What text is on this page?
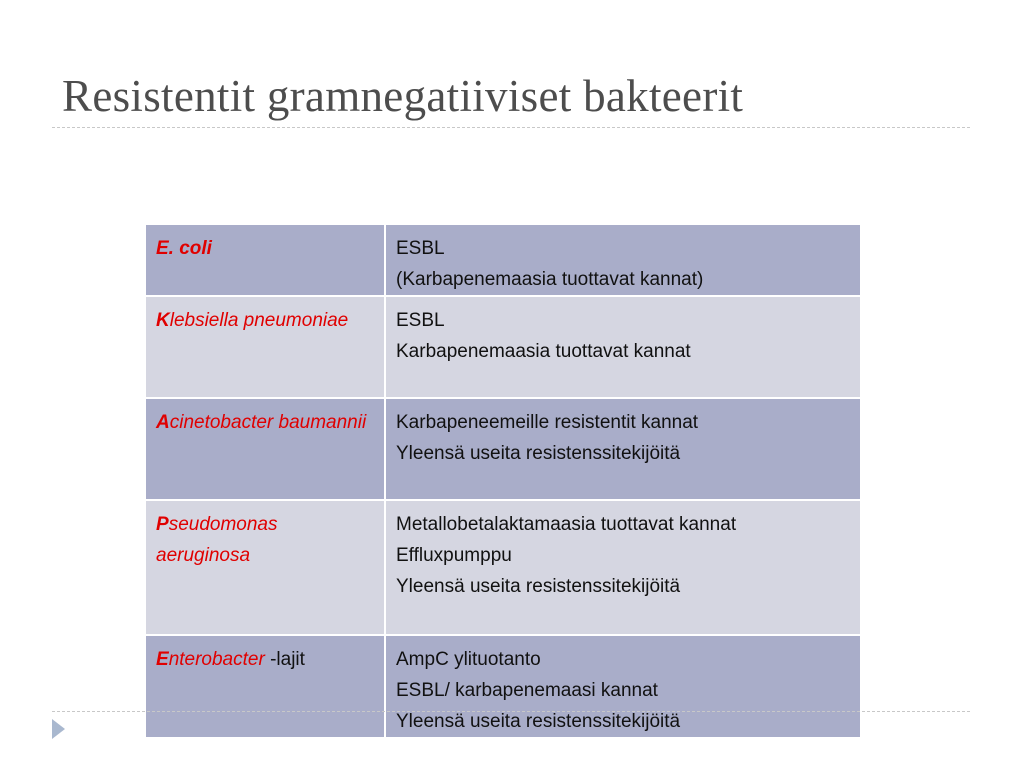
Resistentit gramnegatiiviset bakteerit
E. coli	ESBL
(Karbapenemaasia tuottavat kannat)

Klebsiella pneumoniae	ESBL
Karbapenemaasia tuottavat kannat

Acinetobacter baumannii	Karbapeneemeille resistentit kannat
Yleensä useita resistenssitekijöitä

Pseudomonas aeruginosa	Metallobetalaktamaasia tuottavat kannat
Effluxpumppu
Yleensä useita resistenssitekijöitä

Enterobacter -lajit	AmpC ylituotanto
ESBL/ karbapenemaasi kannat
Yleensä useita resistenssitekijöitä
